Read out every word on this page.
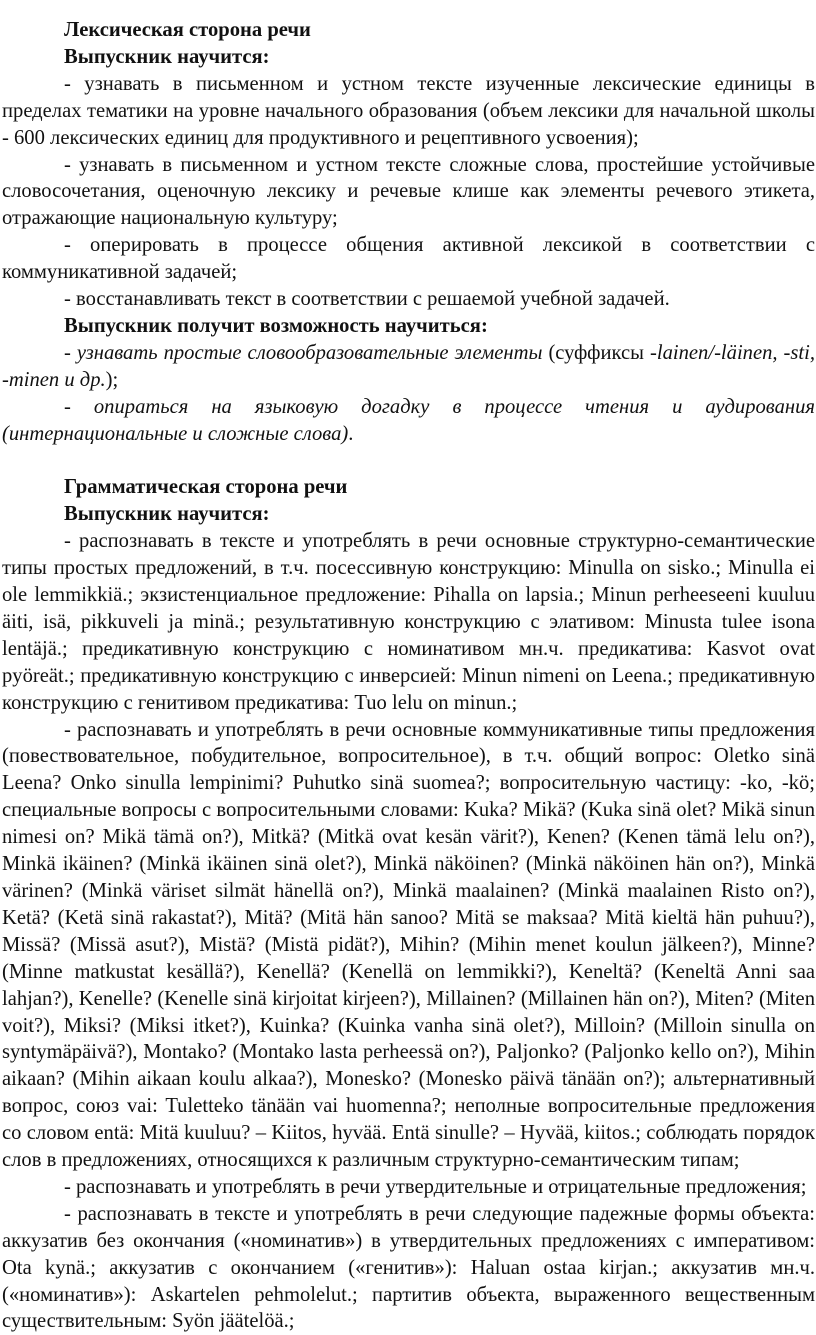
Лексическая сторона речи

Выпускник научится:

- узнавать в письменном и устном тексте изученные лексические единицы в пределах тематики на уровне начального образования (объем лексики для начальной школы - 600 лексических единиц для продуктивного и рецептивного усвоения);

- узнавать в письменном и устном тексте сложные слова, простейшие устойчивые словосочетания, оценочную лексику и речевые клише как элементы речевого этикета, отражающие национальную культуру;

- оперировать в процессе общения активной лексикой в соответствии с коммуникативной задачей;

- восстанавливать текст в соответствии с решаемой учебной задачей.

Выпускник получит возможность научиться:

- узнавать простые словообразовательные элементы (суффиксы -lainen/-läinen, -sti, -minen и др.);

- опираться на языковую догадку в процессе чтения и аудирования (интернациональные и сложные слова).

Грамматическая сторона речи

Выпускник научится:

- распознавать в тексте и употреблять в речи основные структурно-семантические типы простых предложений, в т.ч. посессивную конструкцию: Minulla on sisko.; Minulla ei ole lemmikkiä.; экзистенциальное предложение: Pihalla on lapsia.; Minun perheeseeni kuuluu äiti, isä, pikkuveli ja minä.; результативную конструкцию с элативом: Minusta tulee isona lentäjä.; предикативную конструкцию с номинативом мн.ч. предикатива: Kasvot ovat pyöreät.; предикативную конструкцию с инверсией: Minun nimeni on Leena.; предикативную конструкцию с генитивом предикатива: Tuo lelu on minun.;

- распознавать и употреблять в речи основные коммуникативные типы предложения (повествовательное, побудительное, вопросительное), в т.ч. общий вопрос: Oletko sinä Leena? Onko sinulla lempinimi? Puhutko sinä suomea?; вопросительную частицу: -ko, -kö; специальные вопросы с вопросительными словами: Kuka? Mikä? (Kuka sinä olet? Mikä sinun nimesi on? Mikä tämä on?), Mitkä? (Mitkä ovat kesän värit?), Kenen? (Kenen tämä lelu on?), Minkä ikäinen? (Minkä ikäinen sinä olet?), Minkä näköinen? (Minkä näköinen hän on?), Minkä värinen? (Minkä väriset silmät hänellä on?), Minkä maalainen? (Minkä maalainen Risto on?), Ketä? (Ketä sinä rakastat?), Mitä? (Mitä hän sanoo? Mitä se maksaa? Mitä kieltä hän puhuu?), Missä? (Missä asut?), Mistä? (Mistä pidät?), Mihin? (Mihin menet koulun jälkeen?), Minne? (Minne matkustat kesällä?), Kenellä? (Kenellä on lemmikki?), Keneltä? (Keneltä Anni saa lahjan?), Kenelle? (Kenelle sinä kirjoitat kirjeen?), Millainen? (Millainen hän on?), Miten? (Miten voit?), Miksi? (Miksi itket?), Kuinka? (Kuinka vanha sinä olet?), Milloin? (Milloin sinulla on syntymäpäivä?), Montako? (Montako lasta perheessä on?), Paljonko? (Paljonko kello on?), Mihin aikaan? (Mihin aikaan koulu alkaa?), Monesko? (Monesko päivä tänään on?); альтернативный вопрос, союз vai: Tuletteko tänään vai huomenna?; неполные вопросительные предложения со словом entä: Mitä kuuluu? – Kiitos, hyvää. Entä sinulle? – Hyvää, kiitos.; соблюдать порядок слов в предложениях, относящихся к различным структурно-семантическим типам;

- распознавать и употреблять в речи утвердительные и отрицательные предложения;

- распознавать в тексте и употреблять в речи следующие падежные формы объекта: аккузатив без окончания («номинатив») в утвердительных предложениях с императивом: Ota kynä.; аккузатив с окончанием («генитив»): Haluan ostaa kirjan.; аккузатив мн.ч. («номинатив»): Askartelen pehmolelut.; партитив объекта, выраженного вещественным существительным: Syön jäätelöä.;
